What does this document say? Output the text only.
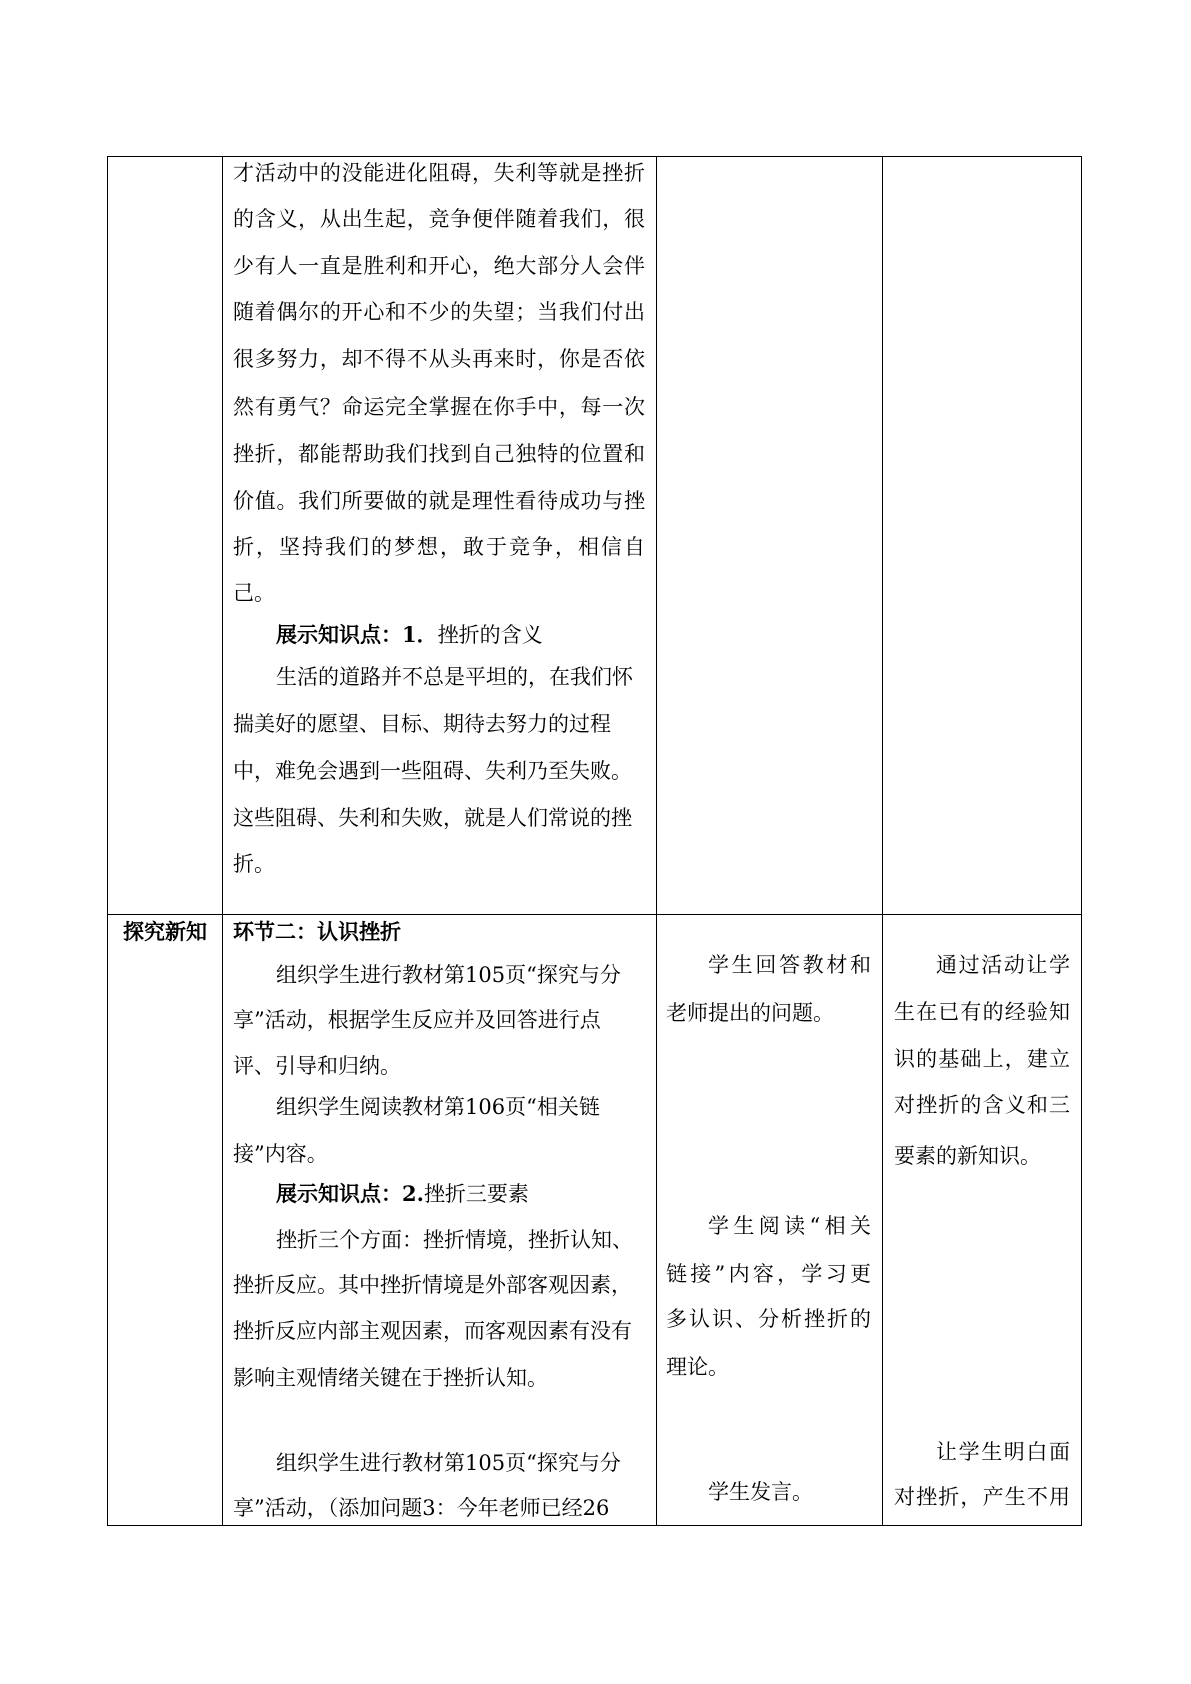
才活动中的没能进化阻碍，失利等就是挫折
的含义，从出生起，竞争便伴随着我们，很
少有人一直是胜利和开心，绝大部分人会伴
随着偶尔的开心和不少的失望；当我们付出
很多努力，却不得不从头再来时，你是否依
然有勇气？命运完全掌握在你手中，每一次
挫折，都能帮助我们找到自己独特的位置和
价值。我们所要做的就是理性看待成功与挫
折，坚持我们的梦想，敢于竞争，相信自
己。
展示知识点：1．挫折的含义
生活的道路并不总是平坦的，在我们怀
揣美好的愿望、目标、期待去努力的过程
中，难免会遇到一些阻碍、失利乃至失败。
这些阻碍、失利和失败，就是人们常说的挫
折。
探究新知 环节二：认识挫折
组织学生进行教材第105页“探究与分
享”活动，根据学生反应并及回答进行点
评、引导和归纳。
组织学生阅读教材第106页“相关链
接”内容。
展示知识点：2.挫折三要素
挫折三个方面：挫折情境，挫折认知、
挫折反应。其中挫折情境是外部客观因素，
挫折反应内部主观因素，而客观因素有没有
影响主观情绪关键在于挫折认知。
组织学生进行教材第105页“探究与分
享”活动，（添加问题3：今年老师已经26
学生回答教材和
老师提出的问题。
学生阅读“相关
链接”内容，学习更
多认识、分析挫折的
理论。
学生发言。
通过活动让学
生在已有的经验知
识的基础上，建立
对挫折的含义和三
要素的新知识。
让学生明白面
对挫折，产生不用
